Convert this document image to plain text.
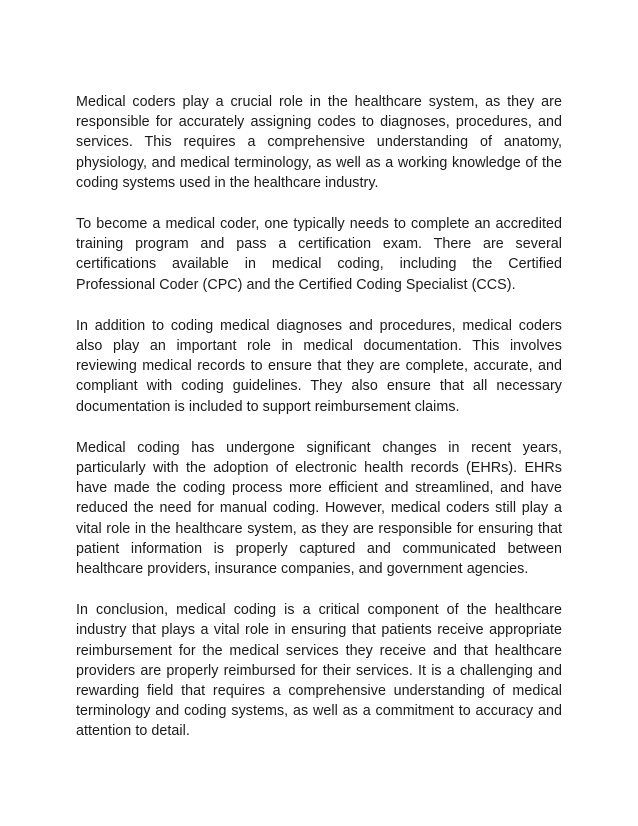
Medical coders play a crucial role in the healthcare system, as they are responsible for accurately assigning codes to diagnoses, procedures, and services. This requires a comprehensive understanding of anatomy, physiology, and medical terminology, as well as a working knowledge of the coding systems used in the healthcare industry.

To become a medical coder, one typically needs to complete an accredited training program and pass a certification exam. There are several certifications available in medical coding, including the Certified Professional Coder (CPC) and the Certified Coding Specialist (CCS).

In addition to coding medical diagnoses and procedures, medical coders also play an important role in medical documentation. This involves reviewing medical records to ensure that they are complete, accurate, and compliant with coding guidelines. They also ensure that all necessary documentation is included to support reimbursement claims.

Medical coding has undergone significant changes in recent years, particularly with the adoption of electronic health records (EHRs). EHRs have made the coding process more efficient and streamlined, and have reduced the need for manual coding. However, medical coders still play a vital role in the healthcare system, as they are responsible for ensuring that patient information is properly captured and communicated between healthcare providers, insurance companies, and government agencies.

In conclusion, medical coding is a critical component of the healthcare industry that plays a vital role in ensuring that patients receive appropriate reimbursement for the medical services they receive and that healthcare providers are properly reimbursed for their services. It is a challenging and rewarding field that requires a comprehensive understanding of medical terminology and coding systems, as well as a commitment to accuracy and attention to detail.
